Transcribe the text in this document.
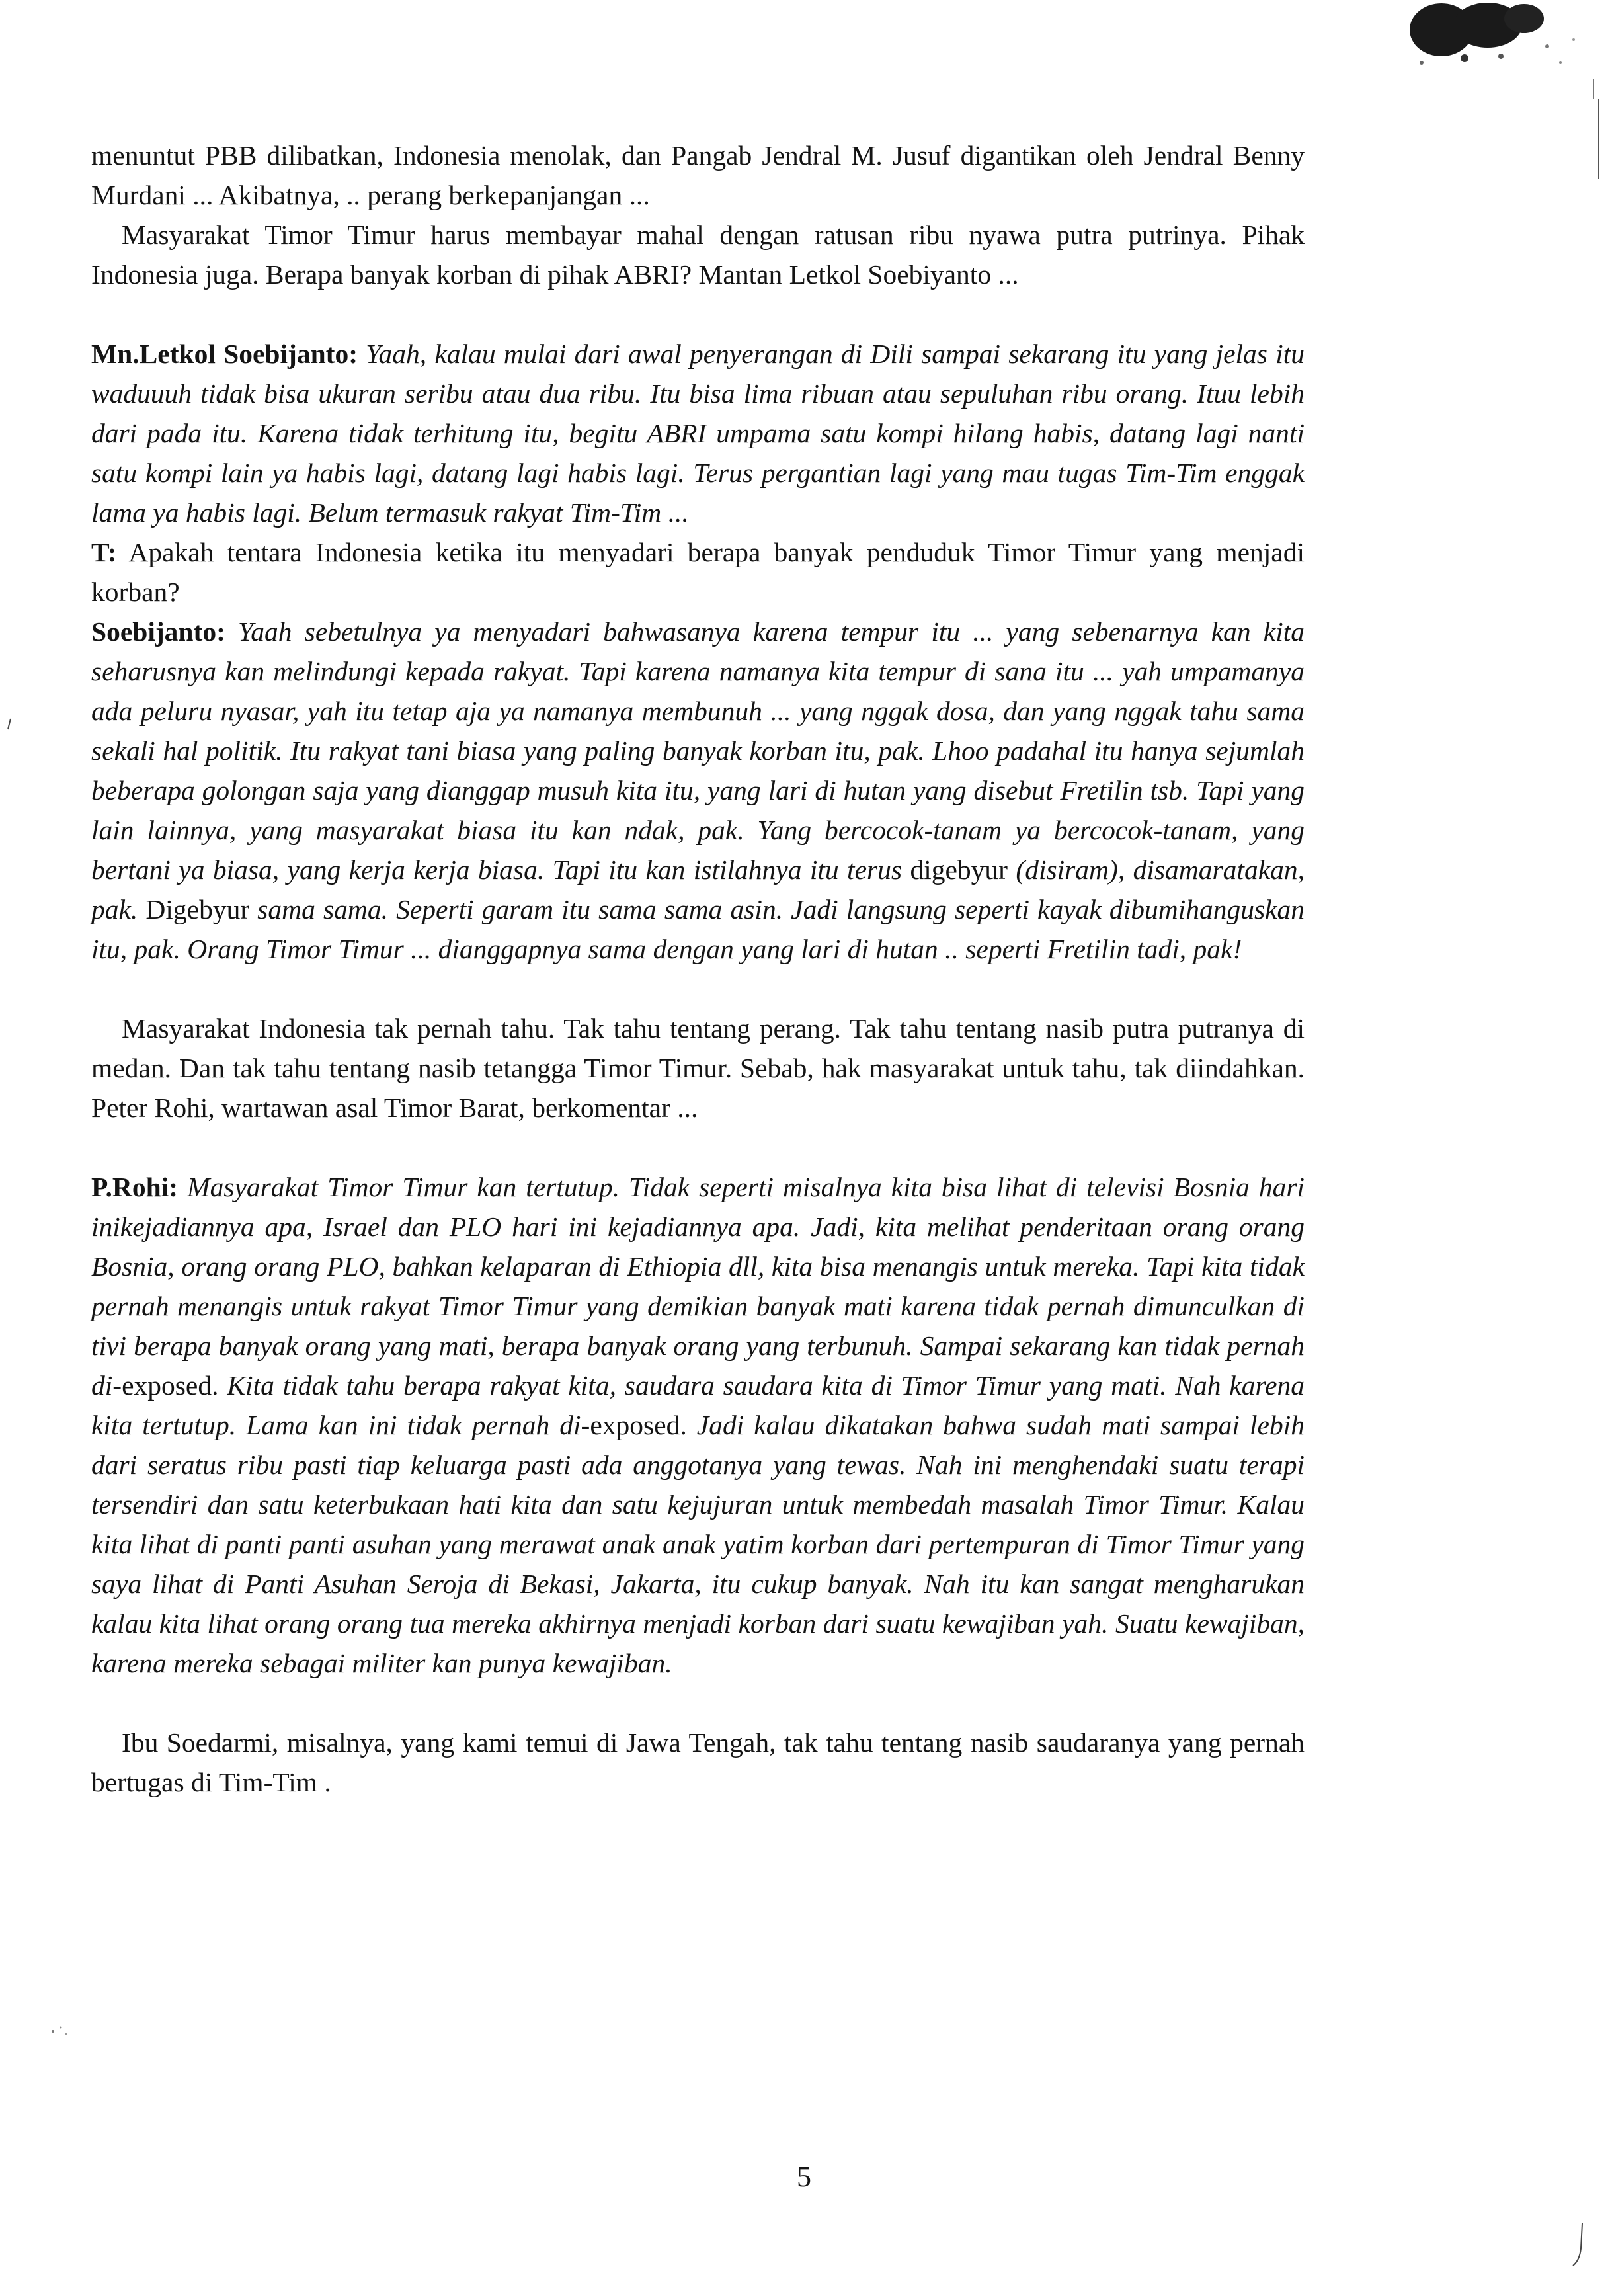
menuntut PBB dilibatkan, Indonesia menolak, dan Pangab Jendral M. Jusuf digantikan oleh Jendral Benny Murdani ... Akibatnya, .. perang berkepanjangan ...

Masyarakat Timor Timur harus membayar mahal dengan ratusan ribu nyawa putra putrinya. Pihak Indonesia juga. Berapa banyak korban di pihak ABRI? Mantan Letkol Soebiyanto ...

Mn.Letkol Soebijanto: Yaah, kalau mulai dari awal penyerangan di Dili sampai sekarang itu yang jelas itu waduuuh tidak bisa ukuran seribu atau dua ribu. Itu bisa lima ribuan atau sepuluhan ribu orang. Ituu lebih dari pada itu. Karena tidak terhitung itu, begitu ABRI umpama satu kompi hilang habis, datang lagi nanti satu kompi lain ya habis lagi, datang lagi habis lagi. Terus pergantian lagi yang mau tugas Tim-Tim enggak lama ya habis lagi. Belum termasuk rakyat Tim-Tim ...

T: Apakah tentara Indonesia ketika itu menyadari berapa banyak penduduk Timor Timur yang menjadi korban?

Soebijanto: Yaah sebetulnya ya menyadari bahwasanya karena tempur itu ... yang sebenarnya kan kita seharusnya kan melindungi kepada rakyat. Tapi karena namanya kita tempur di sana itu ... yah umpamanya ada peluru nyasar, yah itu tetap aja ya namanya membunuh ... yang nggak dosa, dan yang nggak tahu sama sekali hal politik. Itu rakyat tani biasa yang paling banyak korban itu, pak. Lhoo padahal itu hanya sejumlah beberapa golongan saja yang dianggap musuh kita itu, yang lari di hutan yang disebut Fretilin tsb. Tapi yang lain lainnya, yang masyarakat biasa itu kan ndak, pak. Yang bercocok-tanam ya bercocok-tanam, yang bertani ya biasa, yang kerja kerja biasa. Tapi itu kan istilahnya itu terus digebyur (disiram), disamaratakan, pak. Digebyur sama sama. Seperti garam itu sama sama asin. Jadi langsung seperti kayak dibumihanguskan itu, pak. Orang Timor Timur ... dianggapnya sama dengan yang lari di hutan .. seperti Fretilin tadi, pak!

Masyarakat Indonesia tak pernah tahu. Tak tahu tentang perang. Tak tahu tentang nasib putra putranya di medan. Dan tak tahu tentang nasib tetangga Timor Timur. Sebab, hak masyarakat untuk tahu, tak diindahkan. Peter Rohi, wartawan asal Timor Barat, berkomentar ...

P.Rohi: Masyarakat Timor Timur kan tertutup. Tidak seperti misalnya kita bisa lihat di televisi Bosnia hari inikejadiannya apa, Israel dan PLO hari ini kejadiannya apa. Jadi, kita melihat penderitaan orang orang Bosnia, orang orang PLO, bahkan kelaparan di Ethiopia dll, kita bisa menangis untuk mereka. Tapi kita tidak pernah menangis untuk rakyat Timor Timur yang demikian banyak mati karena tidak pernah dimunculkan di tivi berapa banyak orang yang mati, berapa banyak orang yang terbunuh. Sampai sekarang kan tidak pernah di-exposed. Kita tidak tahu berapa rakyat kita, saudara saudara kita di Timor Timur yang mati. Nah karena kita tertutup. Lama kan ini tidak pernah di-exposed. Jadi kalau dikatakan bahwa sudah mati sampai lebih dari seratus ribu pasti tiap keluarga pasti ada anggotanya yang tewas. Nah ini menghendaki suatu terapi tersendiri dan satu keterbukaan hati kita dan satu kejujuran untuk membedah masalah Timor Timur. Kalau kita lihat di panti panti asuhan yang merawat anak anak yatim korban dari pertempuran di Timor Timur yang saya lihat di Panti Asuhan Seroja di Bekasi, Jakarta, itu cukup banyak. Nah itu kan sangat mengharukan kalau kita lihat orang orang tua mereka akhirnya menjadi korban dari suatu kewajiban yah. Suatu kewajiban, karena mereka sebagai militer kan punya kewajiban.

Ibu Soedarmi, misalnya, yang kami temui di Jawa Tengah, tak tahu tentang nasib saudaranya yang pernah bertugas di Tim-Tim .

5
